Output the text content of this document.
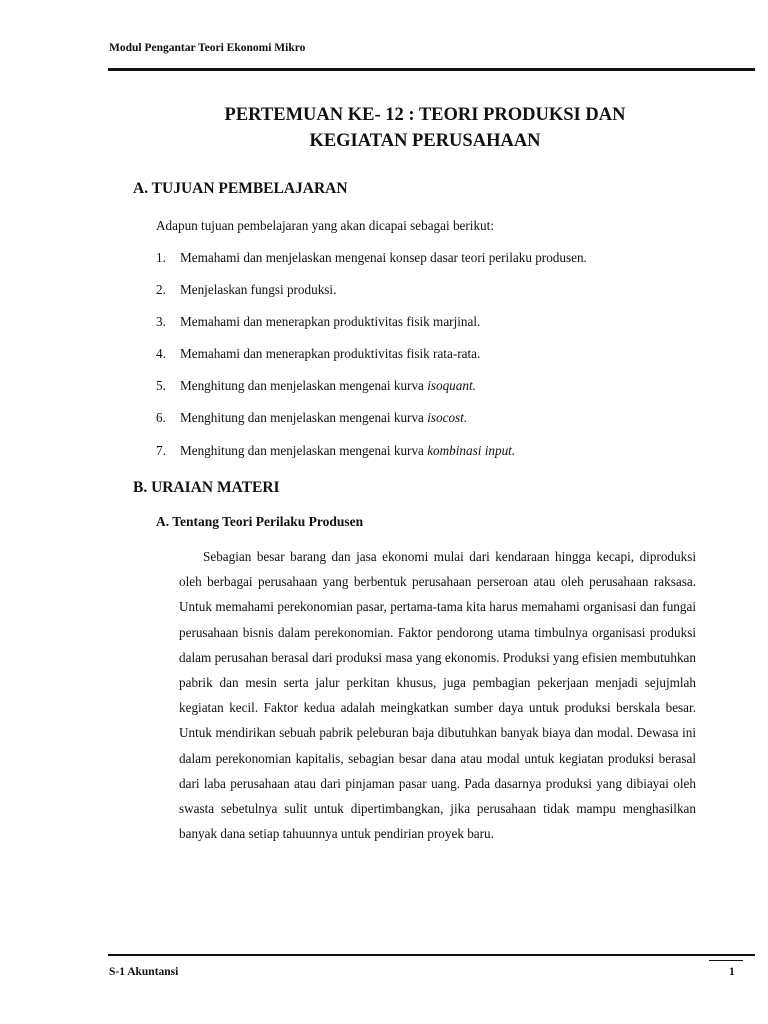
Modul Pengantar Teori Ekonomi Mikro
PERTEMUAN KE- 12 : TEORI PRODUKSI DAN
KEGIATAN PERUSAHAAN
A. TUJUAN PEMBELAJARAN
Adapun tujuan pembelajaran yang akan dicapai sebagai berikut:
1. Memahami dan menjelaskan mengenai konsep dasar teori perilaku produsen.
2. Menjelaskan fungsi produksi.
3. Memahami dan menerapkan produktivitas fisik marjinal.
4. Memahami dan menerapkan produktivitas fisik rata-rata.
5. Menghitung dan menjelaskan mengenai kurva isoquant.
6. Menghitung dan menjelaskan mengenai kurva isocost.
7. Menghitung dan menjelaskan mengenai kurva kombinasi input.
B. URAIAN MATERI
A. Tentang Teori Perilaku Produsen
Sebagian besar barang dan jasa ekonomi mulai dari kendaraan hingga kecapi, diproduksi oleh berbagai perusahaan yang berbentuk perusahaan perseroan atau oleh perusahaan raksasa. Untuk memahami perekonomian pasar, pertama-tama kita harus memahami organisasi dan fungai perusahaan bisnis dalam perekonomian. Faktor pendorong utama timbulnya organisasi produksi dalam perusahan berasal dari produksi masa yang ekonomis. Produksi yang efisien membutuhkan pabrik dan mesin serta jalur perkitan khusus, juga pembagian pekerjaan menjadi sejujmlah kegiatan kecil. Faktor kedua adalah meingkatkan sumber daya untuk produksi berskala besar. Untuk mendirikan sebuah pabrik peleburan baja dibutuhkan banyak biaya dan modal. Dewasa ini dalam perekonomian kapitalis, sebagian besar dana atau modal untuk kegiatan produksi berasal dari laba perusahaan atau dari pinjaman pasar uang. Pada dasarnya produksi yang dibiayai oleh swasta sebetulnya sulit untuk dipertimbangkan, jika perusahaan tidak mampu menghasilkan banyak dana setiap tahuunnya untuk pendirian proyek baru.
S-1 Akuntansi	1
